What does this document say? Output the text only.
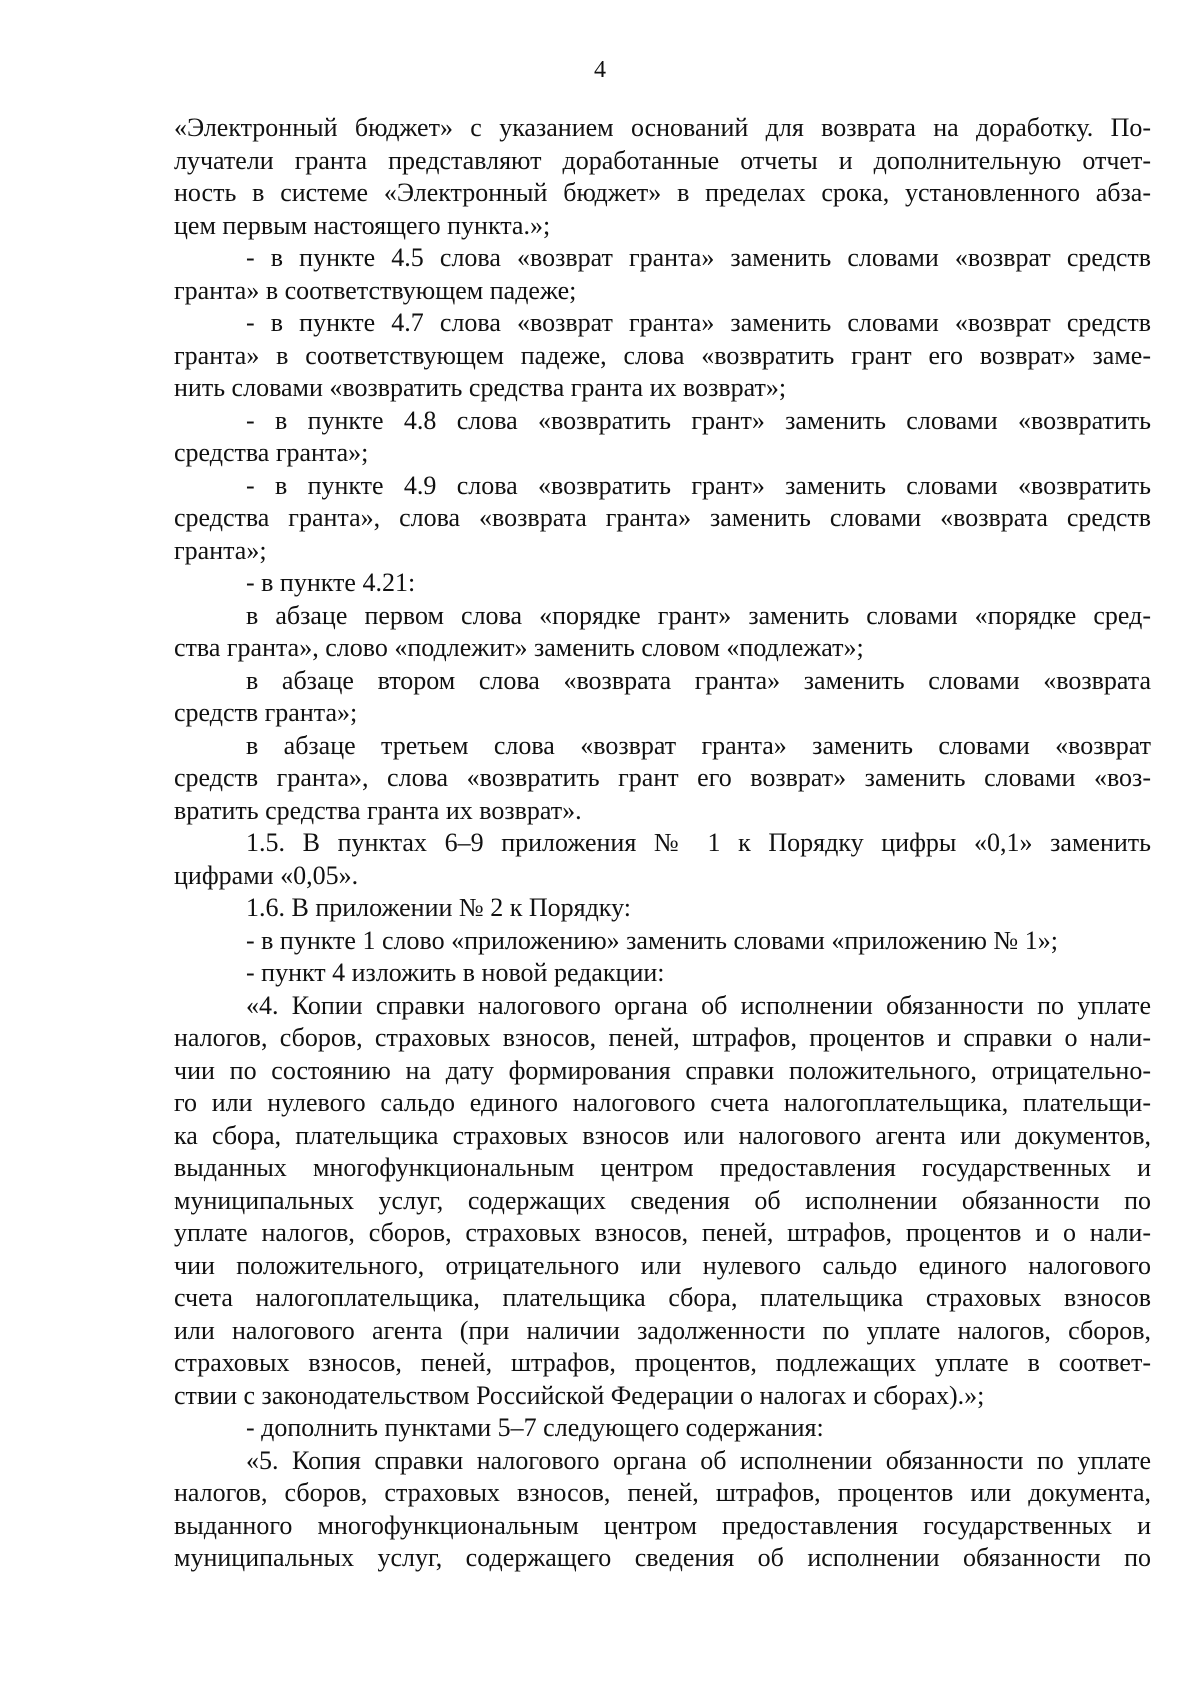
4

«Электронный бюджет» с указанием оснований для возврата на доработку. По-
лучатели гранта представляют доработанные отчеты и дополнительную отчет-
ность в системе «Электронный бюджет» в пределах срока, установленного абза-
цем первым настоящего пункта.»;

- в пункте 4.5 слова «возврат гранта» заменить словами «возврат средств
гранта» в соответствующем падеже;

- в пункте 4.7 слова «возврат гранта» заменить словами «возврат средств
гранта» в соответствующем падеже, слова «возвратить грант его возврат» заме-
нить словами «возвратить средства гранта их возврат»;

- в пункте 4.8 слова «возвратить грант» заменить словами «возвратить
средства гранта»;

- в пункте 4.9 слова «возвратить грант» заменить словами «возвратить
средства гранта», слова «возврата гранта» заменить словами «возврата средств
гранта»;

- в пункте 4.21:

в абзаце первом слова «порядке грант» заменить словами «порядке сред-
ства гранта», слово «подлежит» заменить словом «подлежат»;

в абзаце втором слова «возврата гранта» заменить словами «возврата
средств гранта»;

в абзаце третьем слова «возврат гранта» заменить словами «возврат
средств гранта», слова «возвратить грант его возврат» заменить словами «воз-
вратить средства гранта их возврат».

1.5. В пунктах 6–9 приложения № 1 к Порядку цифры «0,1» заменить
цифрами «0,05».

1.6. В приложении № 2 к Порядку:

- в пункте 1 слово «приложению» заменить словами «приложению № 1»;

- пункт 4 изложить в новой редакции:

«4. Копии справки налогового органа об исполнении обязанности по уплате
налогов, сборов, страховых взносов, пеней, штрафов, процентов и справки о нали-
чии по состоянию на дату формирования справки положительного, отрицательно-
го или нулевого сальдо единого налогового счета налогоплательщика, плательщи-
ка сбора, плательщика страховых взносов или налогового агента или документов,
выданных многофункциональным центром предоставления государственных и
муниципальных услуг, содержащих сведения об исполнении обязанности по
уплате налогов, сборов, страховых взносов, пеней, штрафов, процентов и о нали-
чии положительного, отрицательного или нулевого сальдо единого налогового
счета налогоплательщика, плательщика сбора, плательщика страховых взносов
или налогового агента (при наличии задолженности по уплате налогов, сборов,
страховых взносов, пеней, штрафов, процентов, подлежащих уплате в соответ-
ствии с законодательством Российской Федерации о налогах и сборах).»;

- дополнить пунктами 5–7 следующего содержания:

«5. Копия справки налогового органа об исполнении обязанности по уплате
налогов, сборов, страховых взносов, пеней, штрафов, процентов или документа,
выданного многофункциональным центром предоставления государственных и
муниципальных услуг, содержащего сведения об исполнении обязанности по
